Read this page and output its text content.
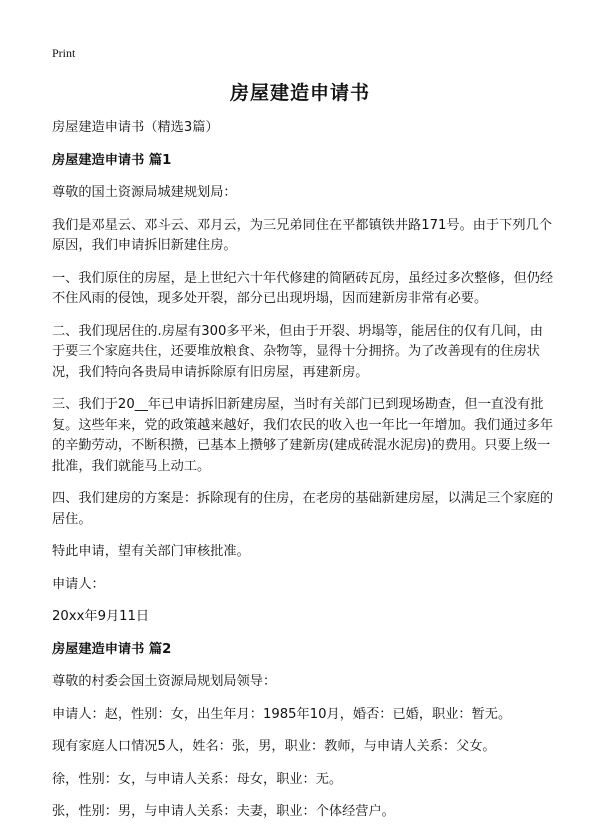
Print
房屋建造申请书

房屋建造申请书（精选3篇）

房屋建造申请书 篇1

尊敬的国土资源局城建规划局：

我们是邓星云、邓斗云、邓月云，为三兄弟同住在平都镇铁井路171号。由于下列几个原因，我们申请拆旧新建住房。

一、我们原住的房屋，是上世纪六十年代修建的简陋砖瓦房，虽经过多次整修，但仍经不住风雨的侵蚀，现多处开裂，部分已出现坍塌，因而建新房非常有必要。

二、我们现居住的.房屋有300多平米，但由于开裂、坍塌等，能居住的仅有几间，由于要三个家庭共住，还要堆放粮食、杂物等，显得十分拥挤。为了改善现有的住房状况，我们特向各贵局申请拆除原有旧房屋，再建新房。

三、我们于20__年已申请拆旧新建房屋，当时有关部门已到现场勘查，但一直没有批复。这些年来，党的政策越来越好，我们农民的收入也一年比一年增加。我们通过多年的辛勤劳动，不断积攒，已基本上攒够了建新房(建成砖混水泥房)的费用。只要上级一批准，我们就能马上动工。

四、我们建房的方案是：拆除现有的住房，在老房的基础新建房屋，以满足三个家庭的居住。

特此申请，望有关部门审核批准。

申请人：

20xx年9月11日

房屋建造申请书 篇2

尊敬的村委会国土资源局规划局领导：

申请人：赵，性别：女，出生年月：1985年10月，婚否：已婚，职业：暂无。

现有家庭人口情况5人，姓名：张，男，职业：教师，与申请人关系：父女。

徐，性别：女，与申请人关系：母女，职业：无。

张，性别：男，与申请人关系：夫妻，职业：个体经营户。
